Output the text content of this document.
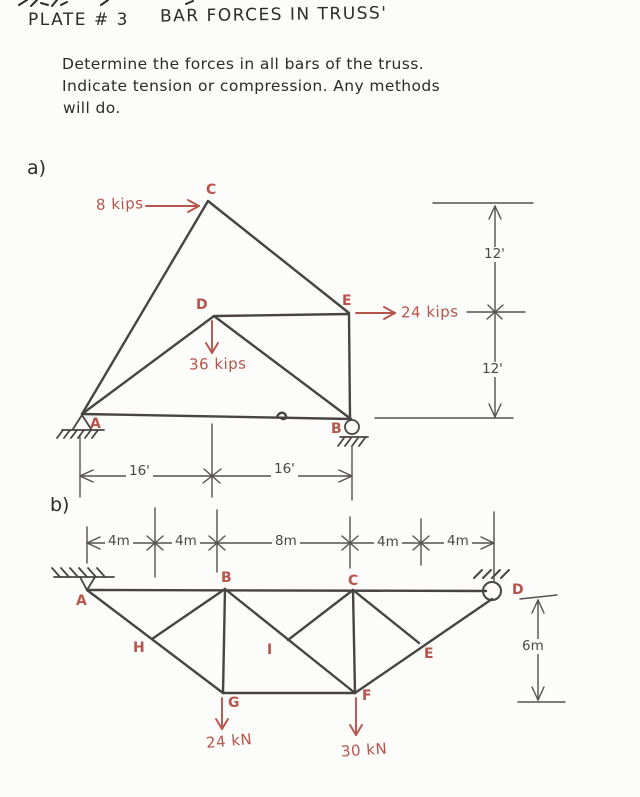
PLATE # 3 BAR FORCES IN TRUSS'
Determine the forces in all bars of the truss.
Indicate tension or compression. Any methods
will do.
a)
b)
C
D	E
A	B
8 kips
36 kips
24 kips
16'	16'
12'
12'
4m	4m	8m	4m	4m
6m
A
B	C
D
H	I	E
G	F
24 kN	30 kN
